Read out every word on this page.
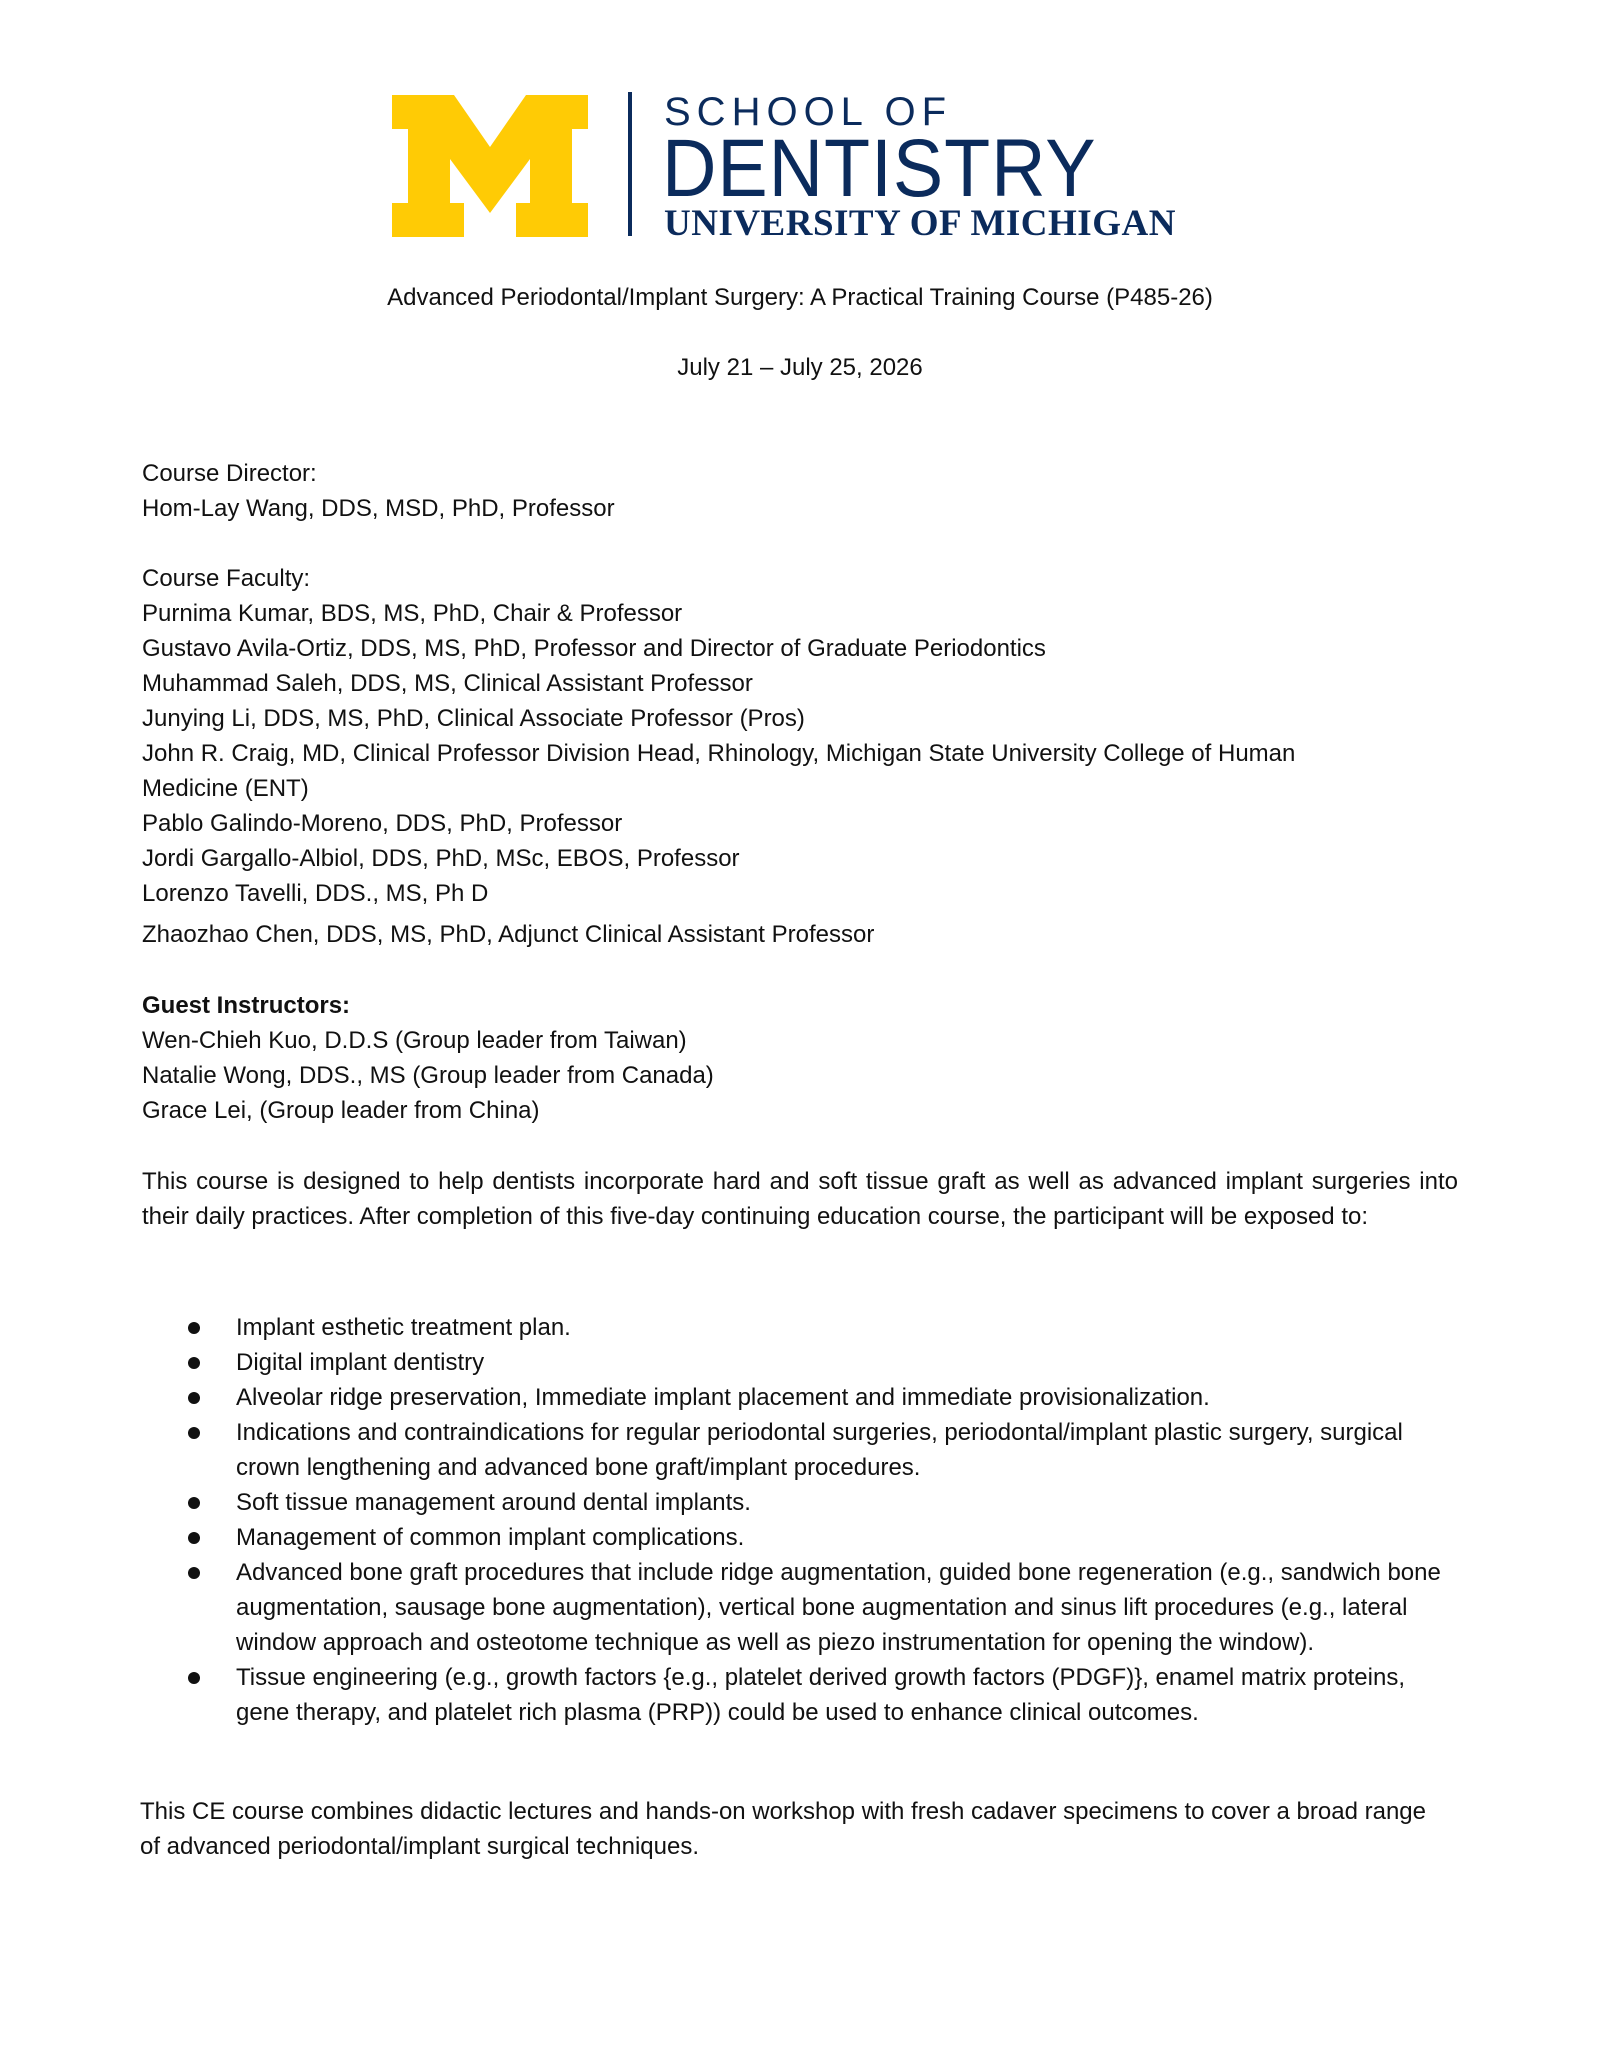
SCHOOL OF
DENTISTRY
UNIVERSITY OF MICHIGAN
Advanced Periodontal/Implant Surgery: A Practical Training Course (P485-26)
July 21 – July 25, 2026
Course Director:
Hom-Lay Wang, DDS, MSD, PhD, Professor
Course Faculty:
Purnima Kumar, BDS, MS, PhD, Chair & Professor
Gustavo Avila-Ortiz, DDS, MS, PhD, Professor and Director of Graduate Periodontics
Muhammad Saleh, DDS, MS, Clinical Assistant Professor
Junying Li, DDS, MS, PhD, Clinical Associate Professor (Pros)
John R. Craig, MD, Clinical Professor Division Head, Rhinology, Michigan State University College of Human
Medicine (ENT)
Pablo Galindo-Moreno, DDS, PhD, Professor
Jordi Gargallo-Albiol, DDS, PhD, MSc, EBOS, Professor
Lorenzo Tavelli, DDS., MS, Ph D
Zhaozhao Chen, DDS, MS, PhD, Adjunct Clinical Assistant Professor
Guest Instructors:
Wen-Chieh Kuo, D.D.S (Group leader from Taiwan)
Natalie Wong, DDS., MS (Group leader from Canada)
Grace Lei, (Group leader from China)
This course is designed to help dentists incorporate hard and soft tissue graft as well as advanced implant surgeries into their daily practices. After completion of this five-day continuing education course, the participant will be exposed to:
Implant esthetic treatment plan.
Digital implant dentistry
Alveolar ridge preservation, Immediate implant placement and immediate provisionalization.
Indications and contraindications for regular periodontal surgeries, periodontal/implant plastic surgery, surgical crown lengthening and advanced bone graft/implant procedures.
Soft tissue management around dental implants.
Management of common implant complications.
Advanced bone graft procedures that include ridge augmentation, guided bone regeneration (e.g., sandwich bone augmentation, sausage bone augmentation), vertical bone augmentation and sinus lift procedures (e.g., lateral window approach and osteotome technique as well as piezo instrumentation for opening the window).
Tissue engineering (e.g., growth factors {e.g., platelet derived growth factors (PDGF)}, enamel matrix proteins, gene therapy, and platelet rich plasma (PRP)) could be used to enhance clinical outcomes.
This CE course combines didactic lectures and hands-on workshop with fresh cadaver specimens to cover a broad range of advanced periodontal/implant surgical techniques.
